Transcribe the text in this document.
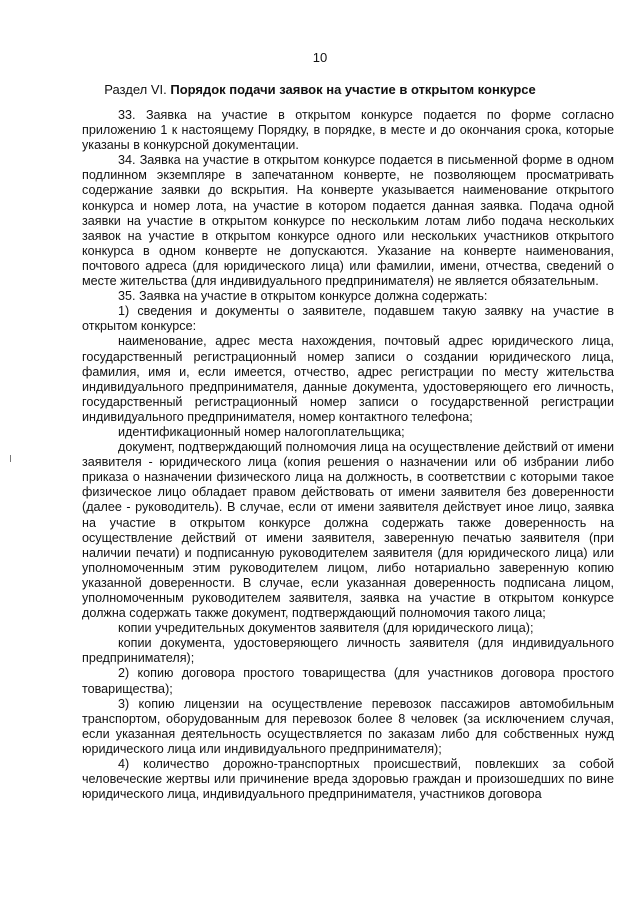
10
Раздел VI. Порядок подачи заявок на участие в открытом конкурсе

33. Заявка на участие в открытом конкурсе подается по форме согласно приложению 1 к настоящему Порядку, в порядке, в месте и до окончания срока, которые указаны в конкурсной документации.

34. Заявка на участие в открытом конкурсе подается в письменной форме в одном подлинном экземпляре в запечатанном конверте, не позволяющем просматривать содержание заявки до вскрытия. На конверте указывается наименование открытого конкурса и номер лота, на участие в котором подается данная заявка. Подача одной заявки на участие в открытом конкурсе по нескольким лотам либо подача нескольких заявок на участие в открытом конкурсе одного или нескольких участников открытого конкурса в одном конверте не допускаются. Указание на конверте наименования, почтового адреса (для юридического лица) или фамилии, имени, отчества, сведений о месте жительства (для индивидуального предпринимателя) не является обязательным.

35. Заявка на участие в открытом конкурсе должна содержать:

1) сведения и документы о заявителе, подавшем такую заявку на участие в открытом конкурсе:

наименование, адрес места нахождения, почтовый адрес юридического лица, государственный регистрационный номер записи о создании юридического лица, фамилия, имя и, если имеется, отчество, адрес регистрации по месту жительства индивидуального предпринимателя, данные документа, удостоверяющего его личность, государственный регистрационный номер записи о государственной регистрации индивидуального предпринимателя, номер контактного телефона;

идентификационный номер налогоплательщика;

документ, подтверждающий полномочия лица на осуществление действий от имени заявителя - юридического лица (копия решения о назначении или об избрании либо приказа о назначении физического лица на должность, в соответствии с которыми такое физическое лицо обладает правом действовать от имени заявителя без доверенности (далее - руководитель). В случае, если от имени заявителя действует иное лицо, заявка на участие в открытом конкурсе должна содержать также доверенность на осуществление действий от имени заявителя, заверенную печатью заявителя (при наличии печати) и подписанную руководителем заявителя (для юридического лица) или уполномоченным этим руководителем лицом, либо нотариально заверенную копию указанной доверенности. В случае, если указанная доверенность подписана лицом, уполномоченным руководителем заявителя, заявка на участие в открытом конкурсе должна содержать также документ, подтверждающий полномочия такого лица;

копии учредительных документов заявителя (для юридического лица);

копии документа, удостоверяющего личность заявителя (для индивидуального предпринимателя);

2) копию договора простого товарищества (для участников договора простого товарищества);

3) копию лицензии на осуществление перевозок пассажиров автомобильным транспортом, оборудованным для перевозок более 8 человек (за исключением случая, если указанная деятельность осуществляется по заказам либо для собственных нужд юридического лица или индивидуального предпринимателя);

4) количество дорожно-транспортных происшествий, повлекших за собой человеческие жертвы или причинение вреда здоровью граждан и произошедших по вине юридического лица, индивидуального предпринимателя, участников договора
